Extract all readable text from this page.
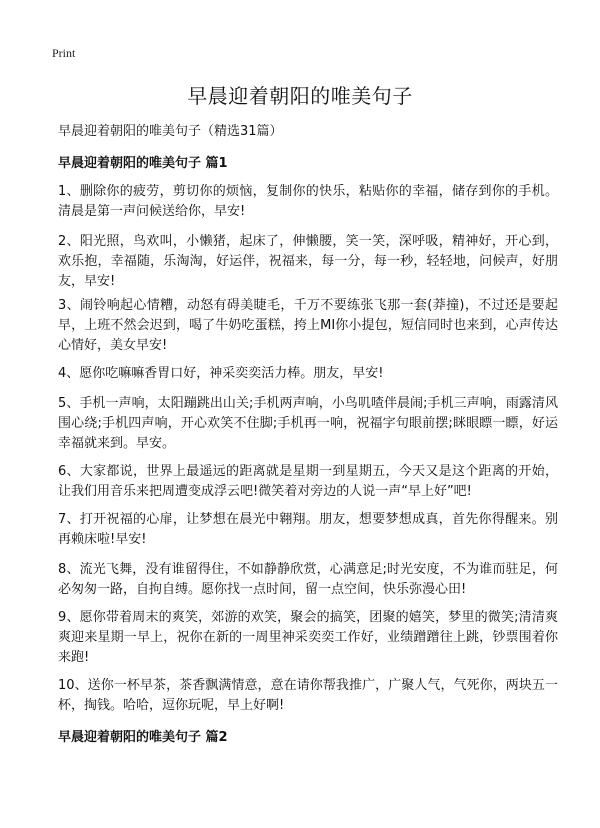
Print
早晨迎着朝阳的唯美句子

早晨迎着朝阳的唯美句子（精选31篇）

早晨迎着朝阳的唯美句子 篇1

1、删除你的疲劳，剪切你的烦恼，复制你的快乐，粘贴你的幸福，储存到你的手机。清晨是第一声问候送给你，早安!

2、阳光照，鸟欢叫，小懒猪，起床了，伸懒腰，笑一笑，深呼吸，精神好，开心到，欢乐抱，幸福随，乐淘淘，好运伴，祝福来，每一分，每一秒，轻轻地，问候声，好朋友，早安!

3、闹铃响起心情糟，动怒有碍美睫毛，千万不要练张飞那一套(莽撞)，不过还是要起早，上班不然会迟到，喝了牛奶吃蛋糕，挎上MI你小提包，短信同时也来到，心声传达心情好，美女早安!

4、愿你吃嘛嘛香胃口好，神采奕奕活力棒。朋友，早安!

5、手机一声响，太阳蹦跳出山关;手机两声响，小鸟叽喳伴晨闹;手机三声响，雨露清风围心绕;手机四声响，开心欢笑不住脚;手机再一响，祝福字句眼前摆;眯眼瞟一瞟，好运幸福就来到。早安。

6、大家都说，世界上最遥远的距离就是星期一到星期五，今天又是这个距离的开始，让我们用音乐来把周遭变成浮云吧!微笑着对旁边的人说一声“早上好”吧!

7、打开祝福的心扉，让梦想在晨光中翱翔。朋友，想要梦想成真，首先你得醒来。别再赖床啦!早安!

8、流光飞舞，没有谁留得住，不如静静欣赏，心满意足;时光安度，不为谁而驻足，何必匆匆一路，自拘自缚。愿你找一点时间，留一点空间，快乐弥漫心田!

9、愿你带着周末的爽笑，郊游的欢笑，聚会的搞笑，团聚的嬉笑，梦里的微笑;清清爽爽迎来星期一早上，祝你在新的一周里神采奕奕工作好，业绩蹭蹭往上跳，钞票围着你来跑!

10、送你一杯早茶，茶香飘满情意，意在请你帮我推广，广聚人气，气死你，两块五一杯，掏钱。哈哈，逗你玩呢，早上好啊!

早晨迎着朝阳的唯美句子 篇2
